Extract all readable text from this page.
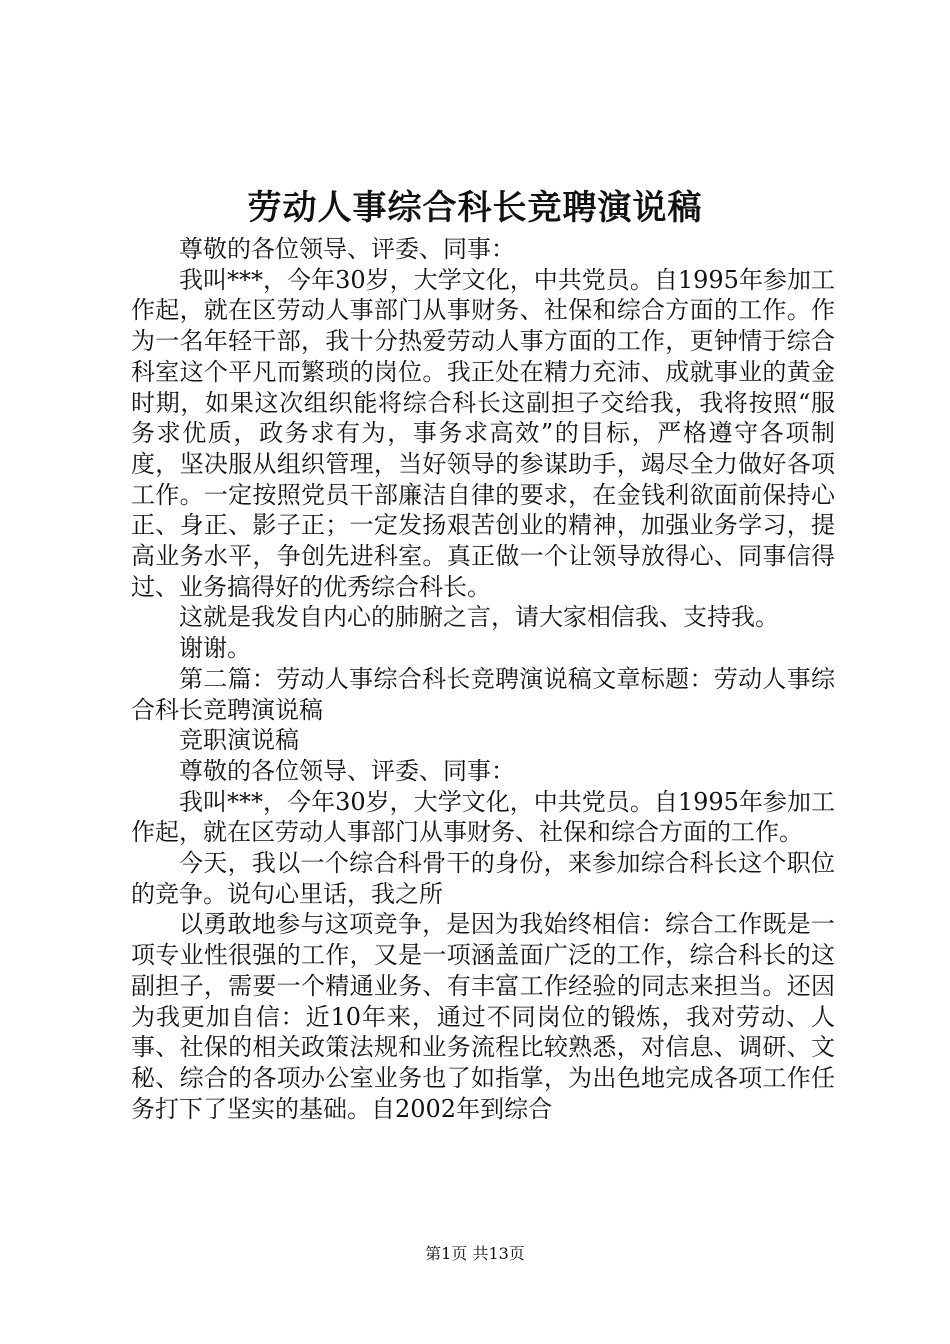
劳动人事综合科长竞聘演说稿

尊敬的各位领导、评委、同事：

我叫***，今年30岁，大学文化，中共党员。自1995年参加工作起，就在区劳动人事部门从事财务、社保和综合方面的工作。作为一名年轻干部，我十分热爱劳动人事方面的工作，更钟情于综合科室这个平凡而繁琐的岗位。我正处在精力充沛、成就事业的黄金时期，如果这次组织能将综合科长这副担子交给我，我将按照“服务求优质，政务求有为，事务求高效”的目标，严格遵守各项制度，坚决服从组织管理，当好领导的参谋助手，竭尽全力做好各项工作。一定按照党员干部廉洁自律的要求，在金钱利欲面前保持心正、身正、影子正；一定发扬艰苦创业的精神，加强业务学习，提高业务水平，争创先进科室。真正做一个让领导放得心、同事信得过、业务搞得好的优秀综合科长。

这就是我发自内心的肺腑之言，请大家相信我、支持我。

谢谢。

第二篇：劳动人事综合科长竞聘演说稿文章标题：劳动人事综合科长竞聘演说稿

竞职演说稿

尊敬的各位领导、评委、同事：

我叫***，今年30岁，大学文化，中共党员。自1995年参加工作起，就在区劳动人事部门从事财务、社保和综合方面的工作。

今天，我以一个综合科骨干的身份，来参加综合科长这个职位的竞争。说句心里话，我之所

以勇敢地参与这项竞争，是因为我始终相信：综合工作既是一项专业性很强的工作，又是一项涵盖面广泛的工作，综合科长的这副担子，需要一个精通业务、有丰富工作经验的同志来担当。还因为我更加自信：近10年来，通过不同岗位的锻炼，我对劳动、人事、社保的相关政策法规和业务流程比较熟悉，对信息、调研、文秘、综合的各项办公室业务也了如指掌，为出色地完成各项工作任务打下了坚实的基础。自2002年到综合

第1页 共13页
